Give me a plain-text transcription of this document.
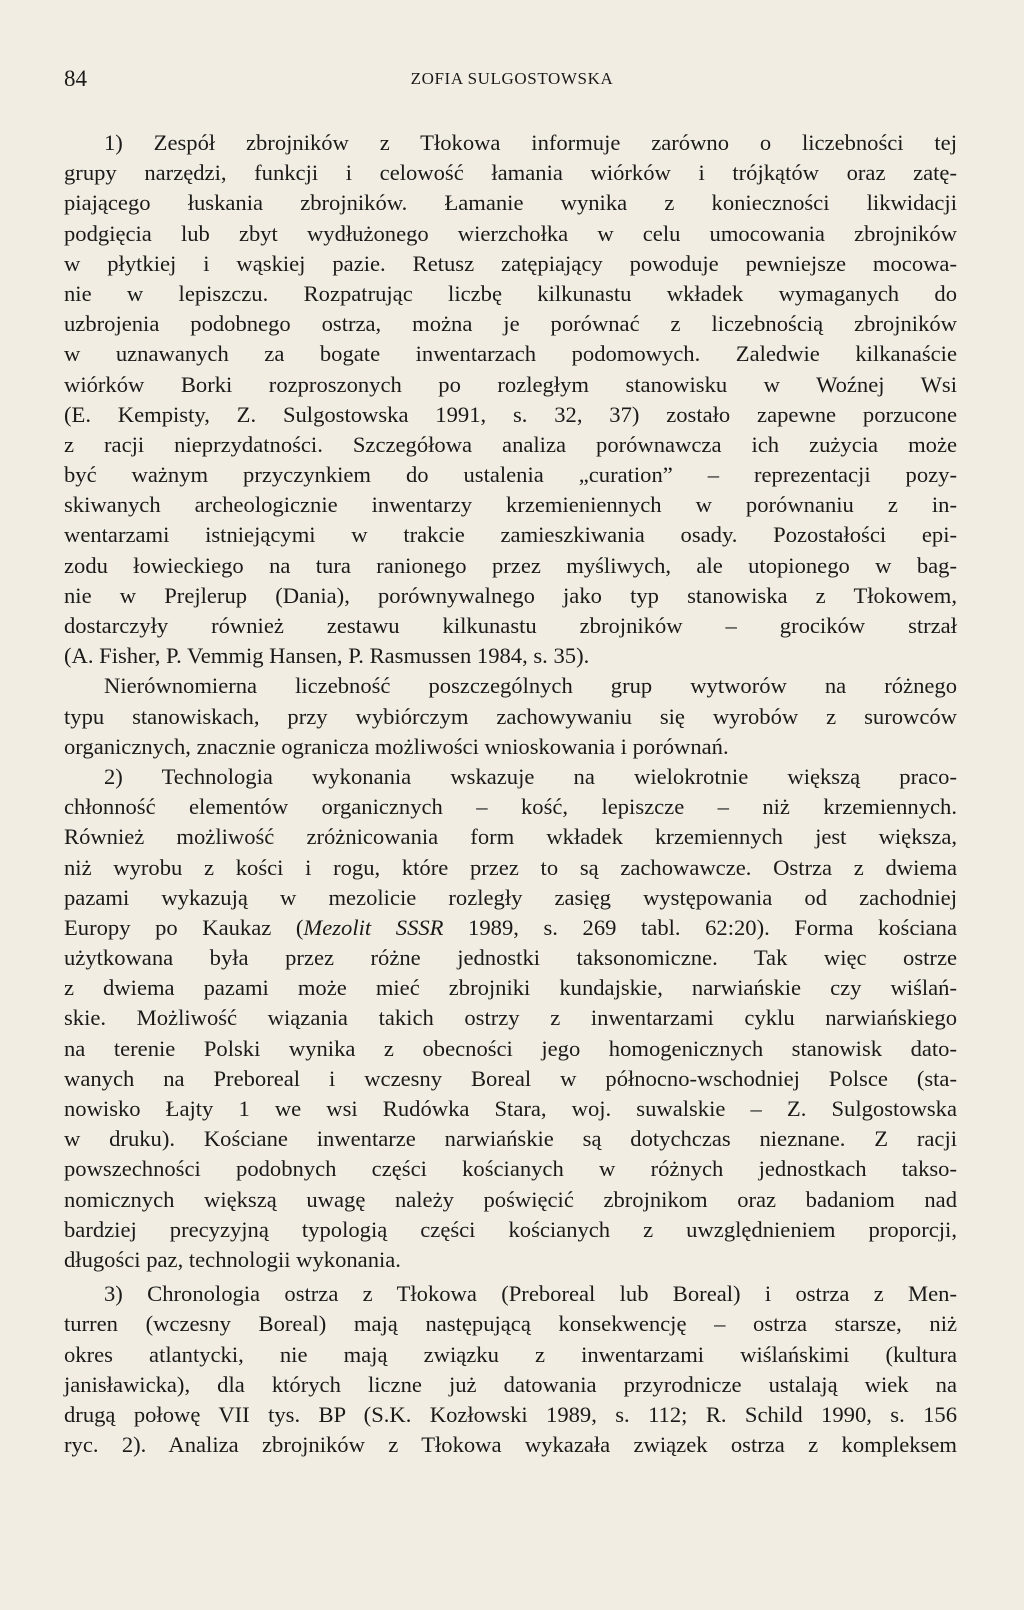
84	ZOFIA SULGOSTOWSKA
1) Zespół zbrojników z Tłokowa informuje zarówno o liczebności tej
grupy narzędzi, funkcji i celowość łamania wiórków i trójkątów oraz zatę-
piającego łuskania zbrojników. Łamanie wynika z konieczności likwidacji
podgięcia lub zbyt wydłużonego wierzchołka w celu umocowania zbrojników
w płytkiej i wąskiej pazie. Retusz zatępiający powoduje pewniejsze mocowa-
nie w lepiszczu. Rozpatrując liczbę kilkunastu wkładek wymaganych do
uzbrojenia podobnego ostrza, można je porównać z liczebnością zbrojników
w uznawanych za bogate inwentarzach podomowych. Zaledwie kilkanaście
wiórków Borki rozproszonych po rozległym stanowisku w Woźnej Wsi
(E. Kempisty, Z. Sulgostowska 1991, s. 32, 37) zostało zapewne porzucone
z racji nieprzydatności. Szczegółowa analiza porównawcza ich zużycia może
być ważnym przyczynkiem do ustalenia „curation” – reprezentacji pozy-
skiwanych archeologicznie inwentarzy krzemieniennych w porównaniu z in-
wentarzami istniejącymi w trakcie zamieszkiwania osady. Pozostałości epi-
zodu łowieckiego na tura ranionego przez myśliwych, ale utopionego w bag-
nie w Prejlerup (Dania), porównywalnego jako typ stanowiska z Tłokowem,
dostarczyły również zestawu kilkunastu zbrojników – grocików strzał
(A. Fisher, P. Vemmig Hansen, P. Rasmussen 1984, s. 35).
Nierównomierna liczebność poszczególnych grup wytworów na różnego
typu stanowiskach, przy wybiórczym zachowywaniu się wyrobów z surowców
organicznych, znacznie ogranicza możliwości wnioskowania i porównań.
2) Technologia wykonania wskazuje na wielokrotnie większą praco-
chłonność elementów organicznych – kość, lepiszcze – niż krzemiennych.
Również możliwość zróżnicowania form wkładek krzemiennych jest większa,
niż wyrobu z kości i rogu, które przez to są zachowawcze. Ostrza z dwiema
pazami wykazują w mezolicie rozległy zasięg występowania od zachodniej
Europy po Kaukaz (Mezolit SSSR 1989, s. 269 tabl. 62:20). Forma kościana
użytkowana była przez różne jednostki taksonomiczne. Tak więc ostrze
z dwiema pazami może mieć zbrojniki kundajskie, narwiańskie czy wiślań-
skie. Możliwość wiązania takich ostrzy z inwentarzami cyklu narwiańskiego
na terenie Polski wynika z obecności jego homogenicznych stanowisk dato-
wanych na Preboreal i wczesny Boreal w północno-wschodniej Polsce (sta-
nowisko Łajty 1 we wsi Rudówka Stara, woj. suwalskie – Z. Sulgostowska
w druku). Kościane inwentarze narwiańskie są dotychczas nieznane. Z racji
powszechności podobnych części kościanych w różnych jednostkach takso-
nomicznych większą uwagę należy poświęcić zbrojnikom oraz badaniom nad
bardziej precyzyjną typologią części kościanych z uwzględnieniem proporcji,
długości paz, technologii wykonania.
3) Chronologia ostrza z Tłokowa (Preboreal lub Boreal) i ostrza z Men-
turren (wczesny Boreal) mają następującą konsekwencję – ostrza starsze, niż
okres atlantycki, nie mają związku z inwentarzami wiślańskimi (kultura
janisławicka), dla których liczne już datowania przyrodnicze ustalają wiek na
drugą połowę VII tys. BP (S.K. Kozłowski 1989, s. 112; R. Schild 1990, s. 156
ryc. 2). Analiza zbrojników z Tłokowa wykazała związek ostrza z kompleksem
